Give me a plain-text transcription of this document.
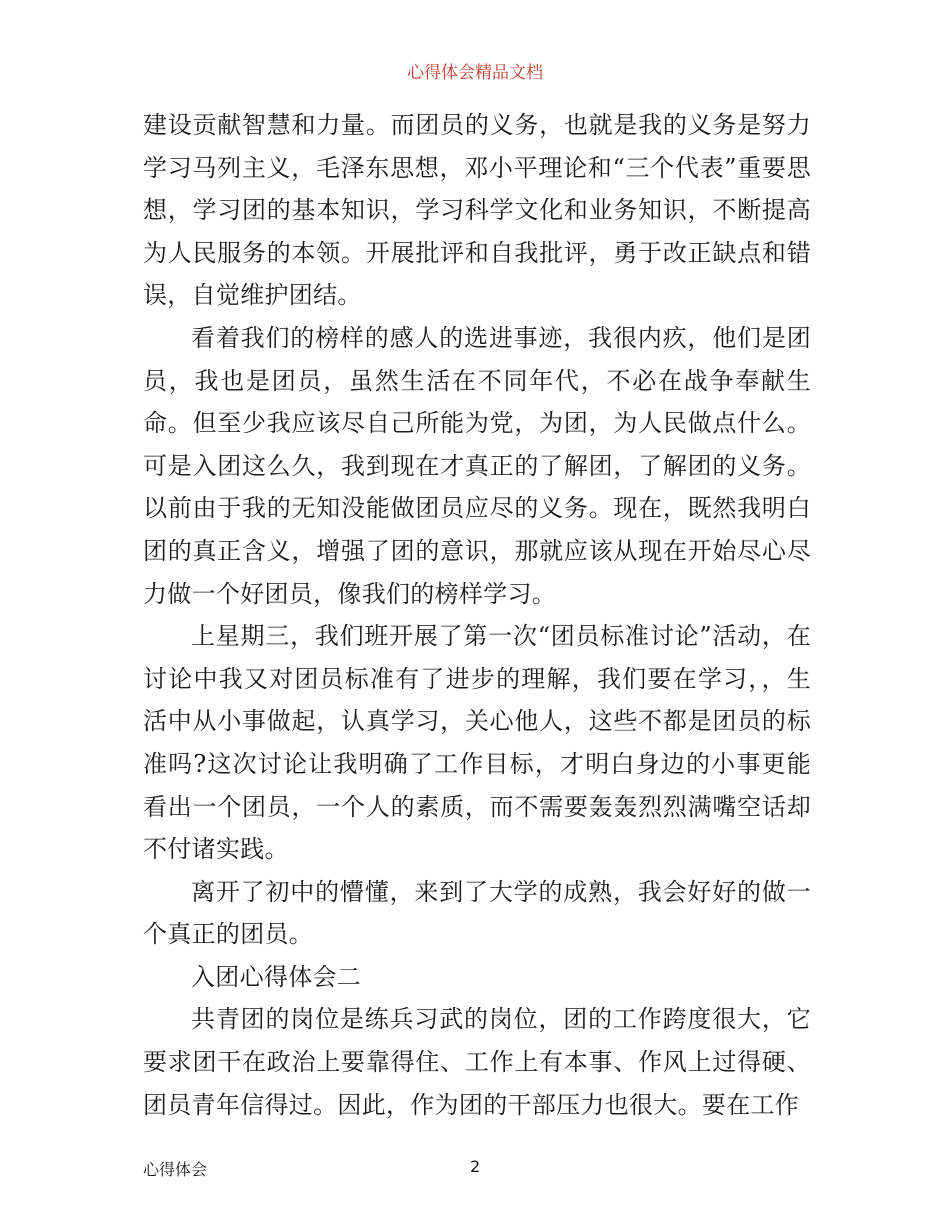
心得体会精品文档

建设贡献智慧和力量。而团员的义务，也就是我的义务是努力学习马列主义，毛泽东思想，邓小平理论和“三个代表”重要思想，学习团的基本知识，学习科学文化和业务知识，不断提高为人民服务的本领。开展批评和自我批评，勇于改正缺点和错误，自觉维护团结。

看着我们的榜样的感人的选进事迹，我很内疚，他们是团员，我也是团员，虽然生活在不同年代，不必在战争奉献生命。但至少我应该尽自己所能为党，为团，为人民做点什么。可是入团这么久，我到现在才真正的了解团，了解团的义务。以前由于我的无知没能做团员应尽的义务。现在，既然我明白团的真正含义，增强了团的意识，那就应该从现在开始尽心尽力做一个好团员，像我们的榜样学习。

上星期三，我们班开展了第一次“团员标准讨论”活动，在讨论中我又对团员标准有了进步的理解，我们要在学习，，生活中从小事做起，认真学习，关心他人，这些不都是团员的标准吗?这次讨论让我明确了工作目标，才明白身边的小事更能看出一个团员，一个人的素质，而不需要轰轰烈烈满嘴空话却不付诸实践。

离开了初中的懵懂，来到了大学的成熟，我会好好的做一个真正的团员。

入团心得体会二

共青团的岗位是练兵习武的岗位，团的工作跨度很大，它要求团干在政治上要靠得住、工作上有本事、作风上过得硬、团员青年信得过。因此，作为团的干部压力也很大。要在工作

心得体会	2
